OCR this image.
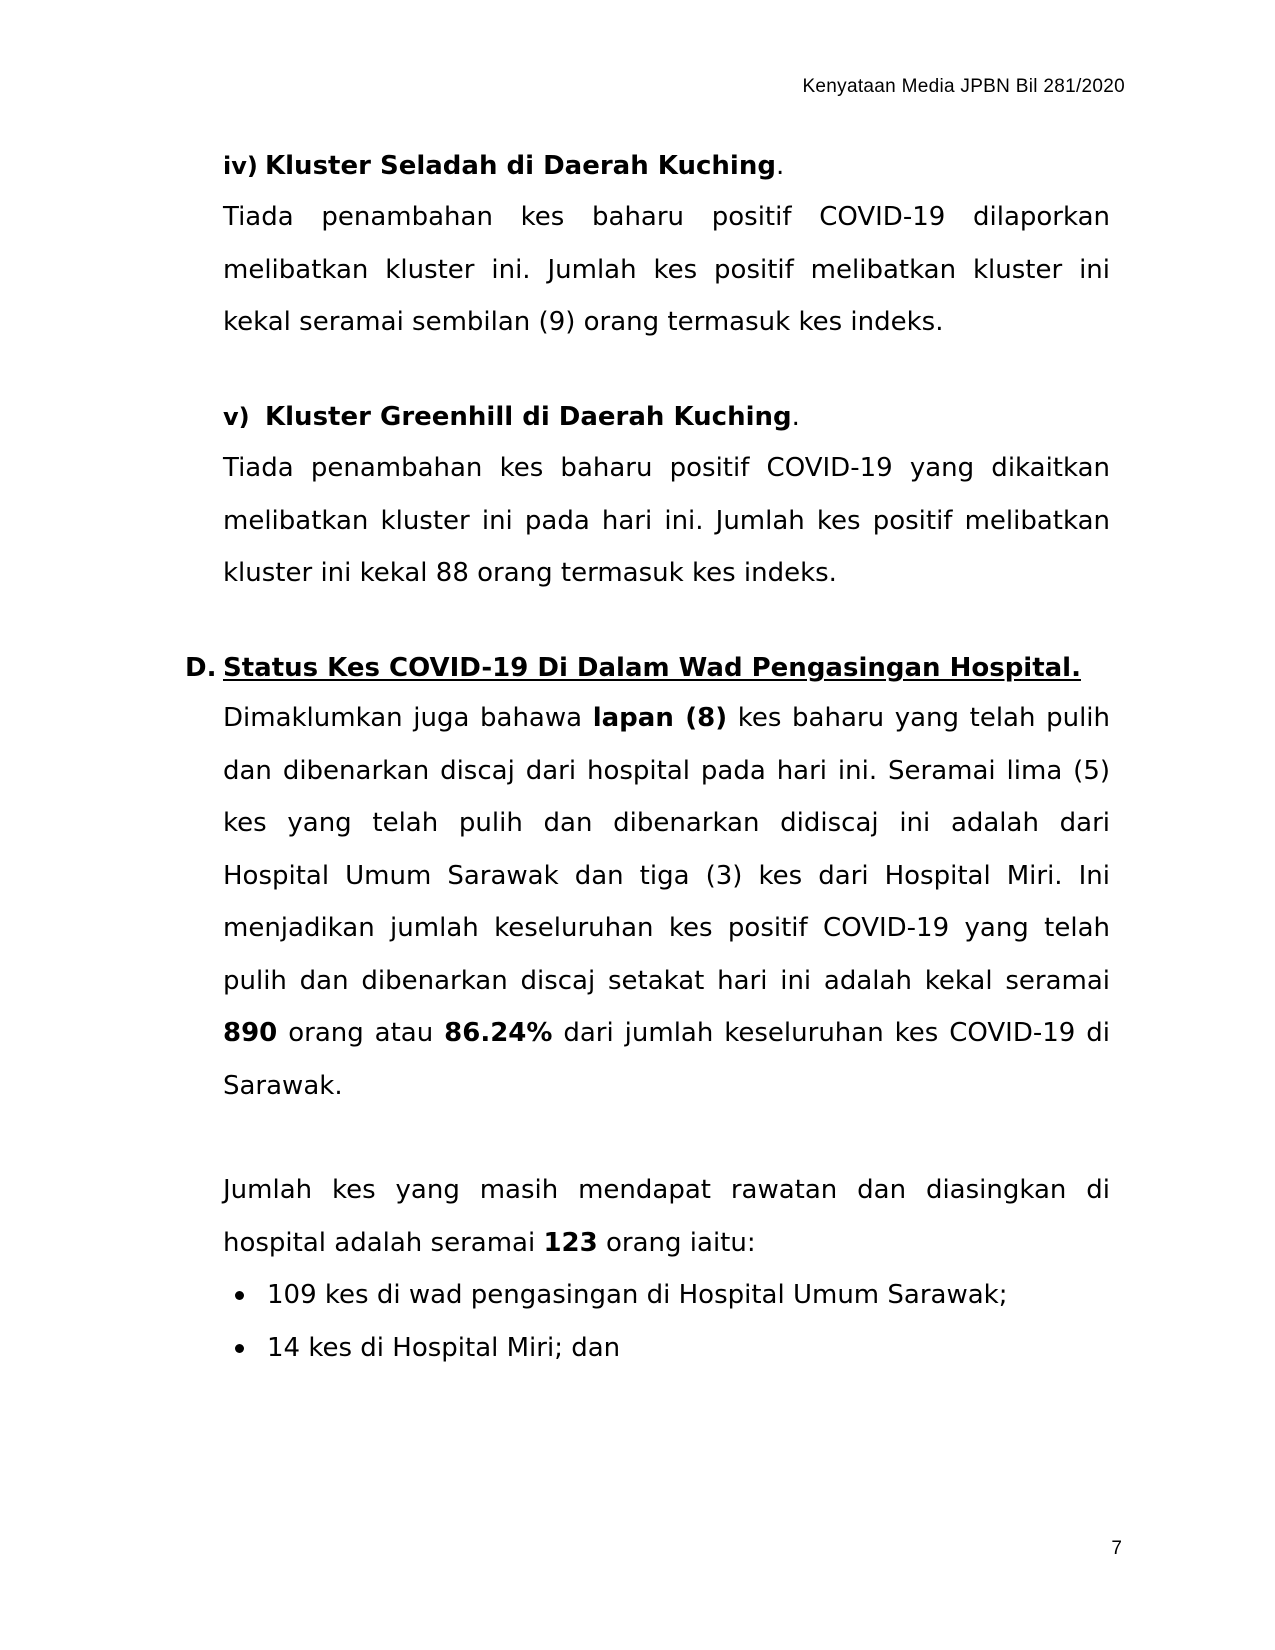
Kenyataan Media JPBN Bil 281/2020
iv) Kluster Seladah di Daerah Kuching.

Tiada penambahan kes baharu positif COVID-19 dilaporkan melibatkan kluster ini. Jumlah kes positif melibatkan kluster ini kekal seramai sembilan (9) orang termasuk kes indeks.

v) Kluster Greenhill di Daerah Kuching.

Tiada penambahan kes baharu positif COVID-19 yang dikaitkan melibatkan kluster ini pada hari ini. Jumlah kes positif melibatkan kluster ini kekal 88 orang termasuk kes indeks.

D. Status Kes COVID-19 Di Dalam Wad Pengasingan Hospital.

Dimaklumkan juga bahawa lapan (8) kes baharu yang telah pulih dan dibenarkan discaj dari hospital pada hari ini. Seramai lima (5) kes yang telah pulih dan dibenarkan didiscaj ini adalah dari Hospital Umum Sarawak dan tiga (3) kes dari Hospital Miri. Ini menjadikan jumlah keseluruhan kes positif COVID-19 yang telah pulih dan dibenarkan discaj setakat hari ini adalah kekal seramai 890 orang atau 86.24% dari jumlah keseluruhan kes COVID-19 di Sarawak.

Jumlah kes yang masih mendapat rawatan dan diasingkan di hospital adalah seramai 123 orang iaitu:

109 kes di wad pengasingan di Hospital Umum Sarawak;
14 kes di Hospital Miri; dan
7
